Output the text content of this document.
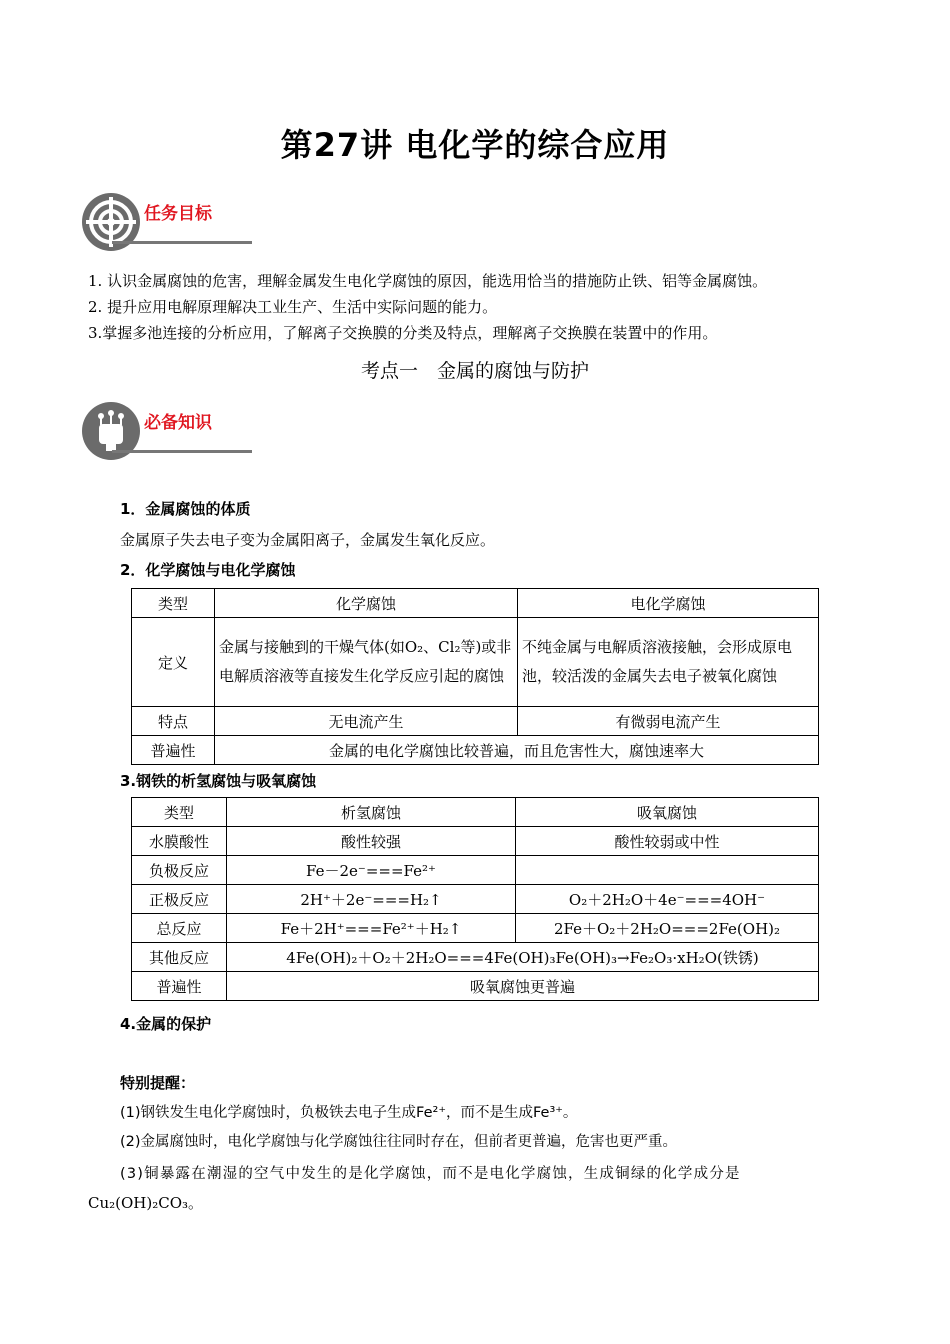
第27讲 电化学的综合应用
任务目标
1. 认识金属腐蚀的危害，理解金属发生电化学腐蚀的原因，能选用恰当的措施防止铁、铝等金属腐蚀。
2. 提升应用电解原理解决工业生产、生活中实际问题的能力。
3.掌握多池连接的分析应用，了解离子交换膜的分类及特点，理解离子交换膜在装置中的作用。
考点一　金属的腐蚀与防护
必备知识
1．金属腐蚀的体质
金属原子失去电子变为金属阳离子，金属发生氧化反应。
2．化学腐蚀与电化学腐蚀
类型	化学腐蚀	电化学腐蚀
定义	金属与接触到的干燥气体(如O₂、Cl₂等)或非电解质溶液等直接发生化学反应引起的腐蚀	不纯金属与电解质溶液接触，会形成原电池，较活泼的金属失去电子被氧化腐蚀
特点	无电流产生	有微弱电流产生
普遍性	金属的电化学腐蚀比较普遍，而且危害性大，腐蚀速率大	
3.钢铁的析氢腐蚀与吸氧腐蚀
类型	析氢腐蚀	吸氧腐蚀
水膜酸性	酸性较强	酸性较弱或中性
负极反应	Fe－2e⁻===Fe²⁺	
正极反应	2H⁺＋2e⁻===H₂↑	O₂＋2H₂O＋4e⁻===4OH⁻
总反应	Fe＋2H⁺===Fe²⁺＋H₂↑	2Fe＋O₂＋2H₂O===2Fe(OH)₂
其他反应	4Fe(OH)₂＋O₂＋2H₂O===4Fe(OH)₃Fe(OH)₃→Fe₂O₃·xH₂O(铁锈)	
普遍性	吸氧腐蚀更普遍	
4.金属的保护
特别提醒：
(1)钢铁发生电化学腐蚀时，负极铁去电子生成Fe²⁺，而不是生成Fe³⁺。
(2)金属腐蚀时，电化学腐蚀与化学腐蚀往往同时存在，但前者更普遍，危害也更严重。
(3)铜暴露在潮湿的空气中发生的是化学腐蚀，而不是电化学腐蚀，生成铜绿的化学成分是
Cu₂(OH)₂CO₃。
